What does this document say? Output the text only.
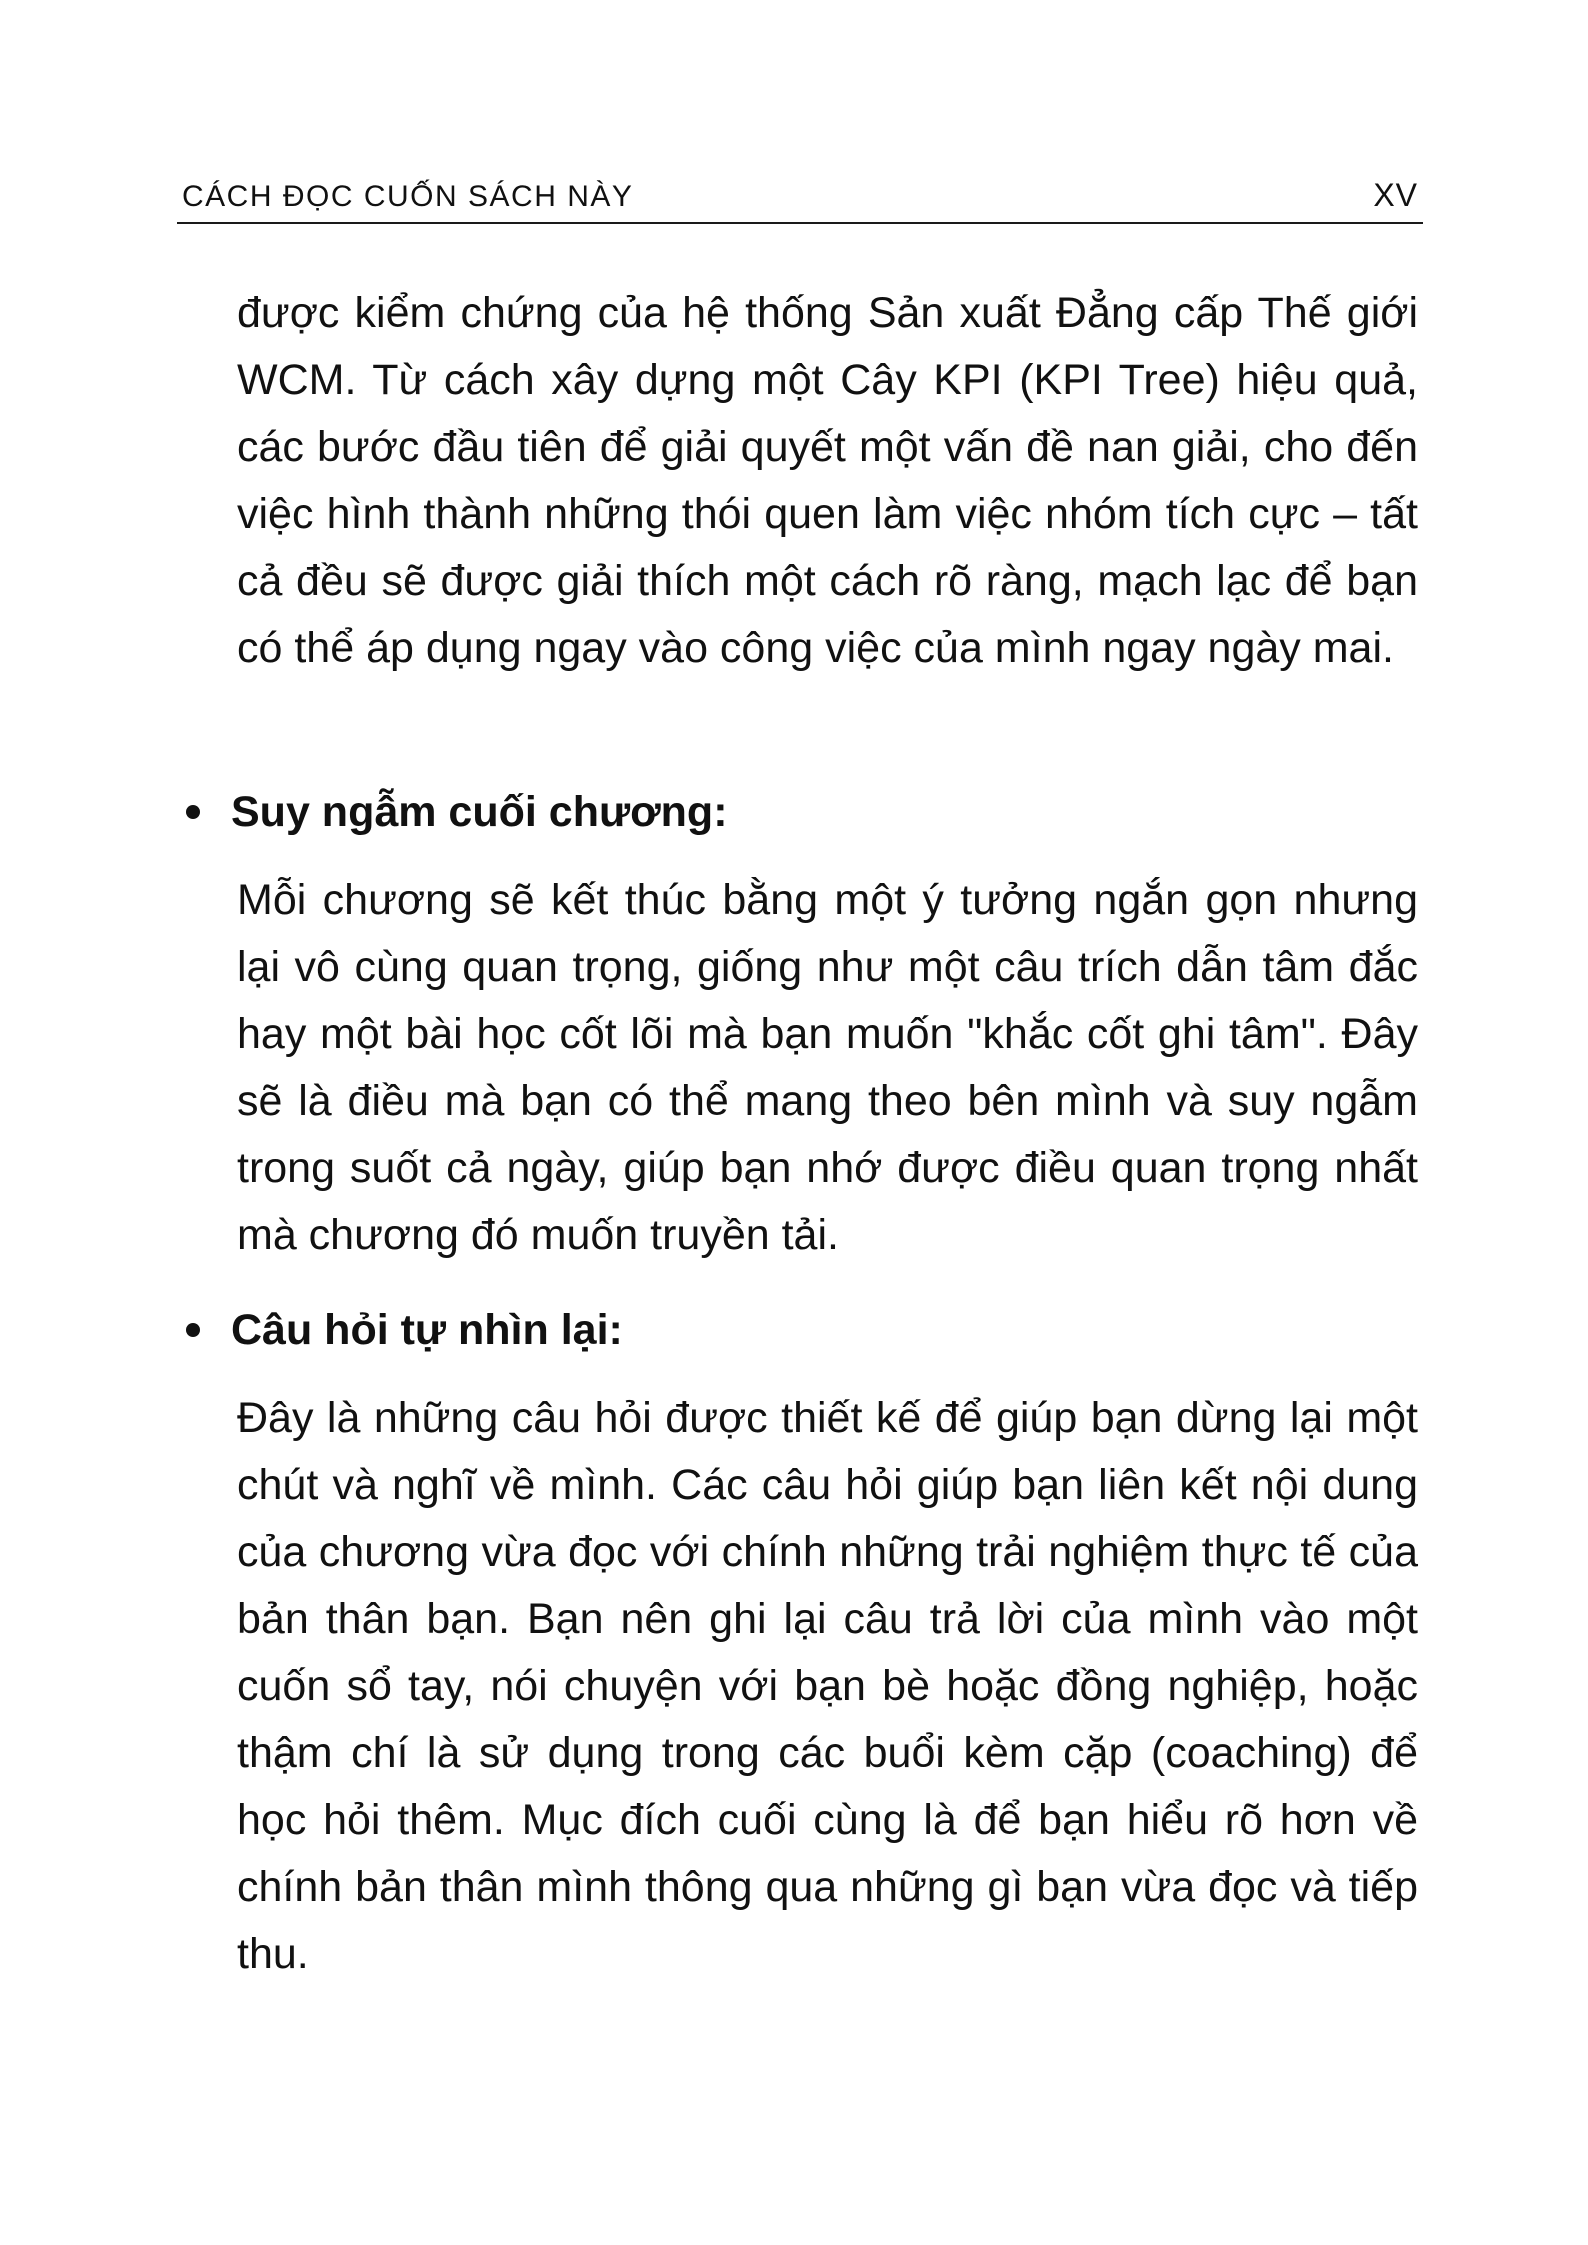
CÁCH ĐỌC CUỐN SÁCH NÀY	XV

được kiểm chứng của hệ thống Sản xuất Đẳng cấp Thế giới WCM. Từ cách xây dựng một Cây KPI (KPI Tree) hiệu quả, các bước đầu tiên để giải quyết một vấn đề nan giải, cho đến việc hình thành những thói quen làm việc nhóm tích cực – tất cả đều sẽ được giải thích một cách rõ ràng, mạch lạc để bạn có thể áp dụng ngay vào công việc của mình ngay ngày mai.

Suy ngẫm cuối chương:

Mỗi chương sẽ kết thúc bằng một ý tưởng ngắn gọn nhưng lại vô cùng quan trọng, giống như một câu trích dẫn tâm đắc hay một bài học cốt lõi mà bạn muốn "khắc cốt ghi tâm". Đây sẽ là điều mà bạn có thể mang theo bên mình và suy ngẫm trong suốt cả ngày, giúp bạn nhớ được điều quan trọng nhất mà chương đó muốn truyền tải.

Câu hỏi tự nhìn lại:

Đây là những câu hỏi được thiết kế để giúp bạn dừng lại một chút và nghĩ về mình. Các câu hỏi giúp bạn liên kết nội dung của chương vừa đọc với chính những trải nghiệm thực tế của bản thân bạn. Bạn nên ghi lại câu trả lời của mình vào một cuốn sổ tay, nói chuyện với bạn bè hoặc đồng nghiệp, hoặc thậm chí là sử dụng trong các buổi kèm cặp (coaching) để học hỏi thêm. Mục đích cuối cùng là để bạn hiểu rõ hơn về chính bản thân mình thông qua những gì bạn vừa đọc và tiếp thu.
